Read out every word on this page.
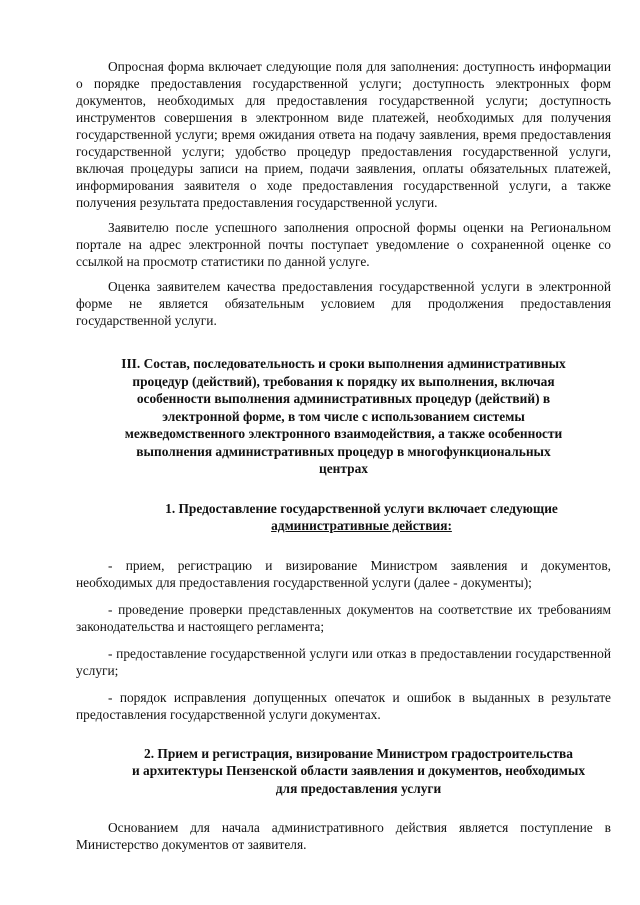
Опросная форма включает следующие поля для заполнения: доступность информации о порядке предоставления государственной услуги; доступность электронных форм документов, необходимых для предоставления государственной услуги; доступность инструментов совершения в электронном виде платежей, необходимых для получения государственной услуги; время ожидания ответа на подачу заявления, время предоставления государственной услуги; удобство процедур предоставления государственной услуги, включая процедуры записи на прием, подачи заявления, оплаты обязательных платежей, информирования заявителя о ходе предоставления государственной услуги, а также получения результата предоставления государственной услуги.

Заявителю после успешного заполнения опросной формы оценки на Региональном портале на адрес электронной почты поступает уведомление о сохраненной оценке со ссылкой на просмотр статистики по данной услуге.

Оценка заявителем качества предоставления государственной услуги в электронной форме не является обязательным условием для продолжения предоставления государственной услуги.

III. Состав, последовательность и сроки выполнения административных процедур (действий), требования к порядку их выполнения, включая особенности выполнения административных процедур (действий) в электронной форме, в том числе с использованием системы межведомственного электронного взаимодействия, а также особенности выполнения административных процедур в многофункциональных центрах
1. Предоставление государственной услуги включает следующие
административные действия:

- прием, регистрацию и визирование Министром заявления и документов, необходимых для предоставления государственной услуги (далее - документы);

- проведение проверки представленных документов на соответствие их требованиям законодательства и настоящего регламента;

- предоставление государственной услуги или отказ в предоставлении государственной услуги;

- порядок исправления допущенных опечаток и ошибок в выданных в результате предоставления государственной услуги документах.

2. Прием и регистрация, визирование Министром градостроительства
и архитектуры Пензенской области заявления и документов, необходимых
для предоставления услуги

Основанием для начала административного действия является поступление в Министерство документов от заявителя.
